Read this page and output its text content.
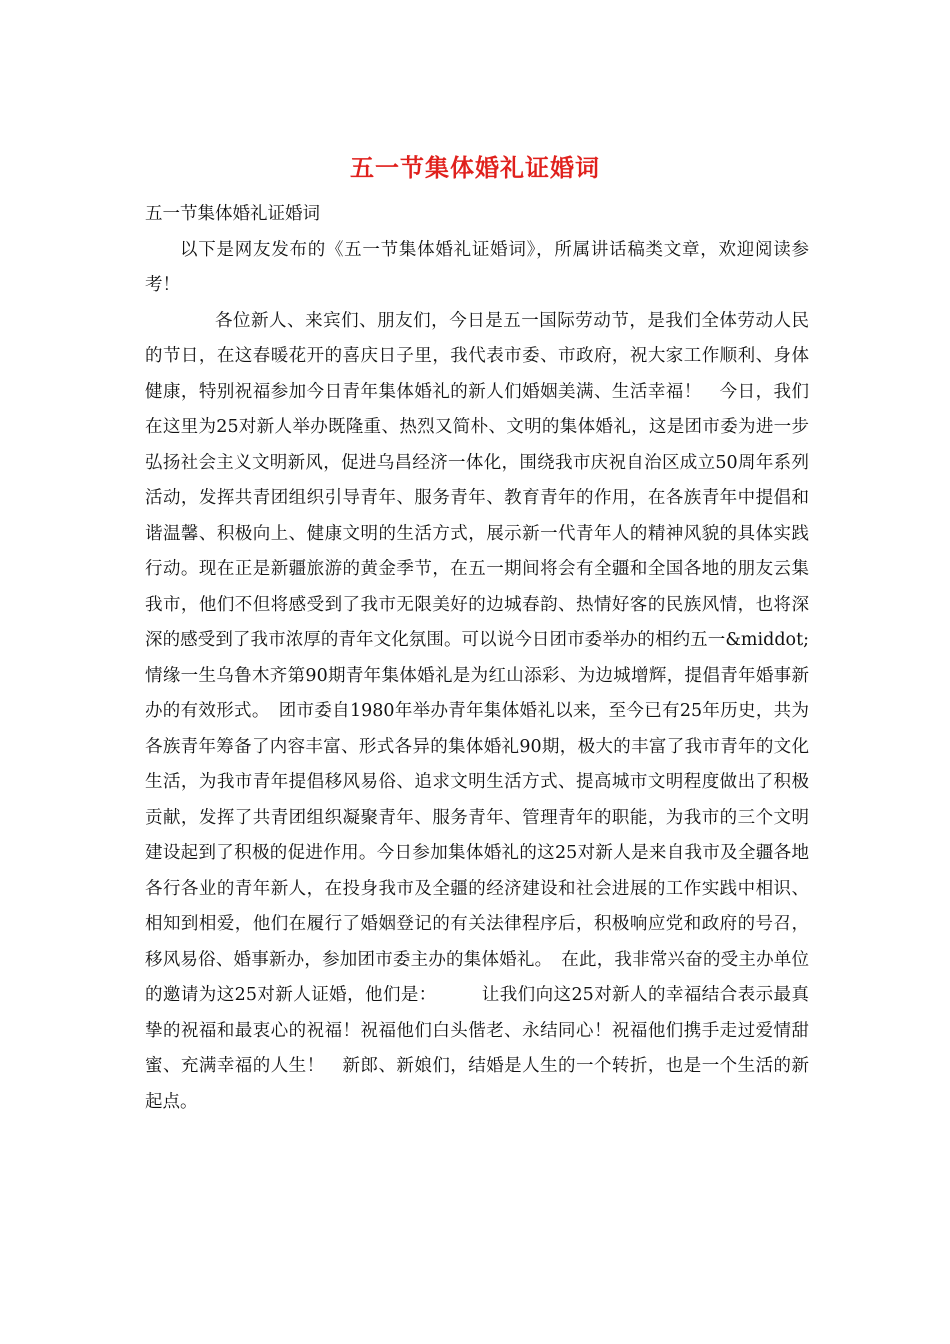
五一节集体婚礼证婚词

五一节集体婚礼证婚词

以下是网友发布的《五一节集体婚礼证婚词》，所属讲话稿类文章，欢迎阅读参考！

各位新人、来宾们、朋友们，今日是五一国际劳动节，是我们全体劳动人民的节日，在这春暖花开的喜庆日子里，我代表市委、市政府，祝大家工作顺利、身体健康，特别祝福参加今日青年集体婚礼的新人们婚姻美满、生活幸福！　今日，我们在这里为25对新人举办既隆重、热烈又简朴、文明的集体婚礼，这是团市委为进一步弘扬社会主义文明新风，促进乌昌经济一体化，围绕我市庆祝自治区成立50周年系列活动，发挥共青团组织引导青年、服务青年、教育青年的作用，在各族青年中提倡和谐温馨、积极向上、健康文明的生活方式，展示新一代青年人的精神风貌的具体实践行动。现在正是新疆旅游的黄金季节，在五一期间将会有全疆和全国各地的朋友云集我市，他们不但将感受到了我市无限美好的边城春韵、热情好客的民族风情，也将深深的感受到了我市浓厚的青年文化氛围。可以说今日团市委举办的相约五一&middot;情缘一生乌鲁木齐第90期青年集体婚礼是为红山添彩、为边城增辉，提倡青年婚事新办的有效形式。　团市委自1980年举办青年集体婚礼以来，至今已有25年历史，共为各族青年筹备了内容丰富、形式各异的集体婚礼90期，极大的丰富了我市青年的文化生活，为我市青年提倡移风易俗、追求文明生活方式、提高城市文明程度做出了积极贡献，发挥了共青团组织凝聚青年、服务青年、管理青年的职能，为我市的三个文明建设起到了积极的促进作用。今日参加集体婚礼的这25对新人是来自我市及全疆各地各行各业的青年新人，在投身我市及全疆的经济建设和社会进展的工作实践中相识、相知到相爱，他们在履行了婚姻登记的有关法律程序后，积极响应党和政府的号召，移风易俗、婚事新办，参加团市委主办的集体婚礼。　在此，我非常兴奋的受主办单位的邀请为这25对新人证婚，他们是：　　　让我们向这25对新人的幸福结合表示最真挚的祝福和最衷心的祝福！祝福他们白头偕老、永结同心！祝福他们携手走过爱情甜蜜、充满幸福的人生！　新郎、新娘们，结婚是人生的一个转折，也是一个生活的新起点。
